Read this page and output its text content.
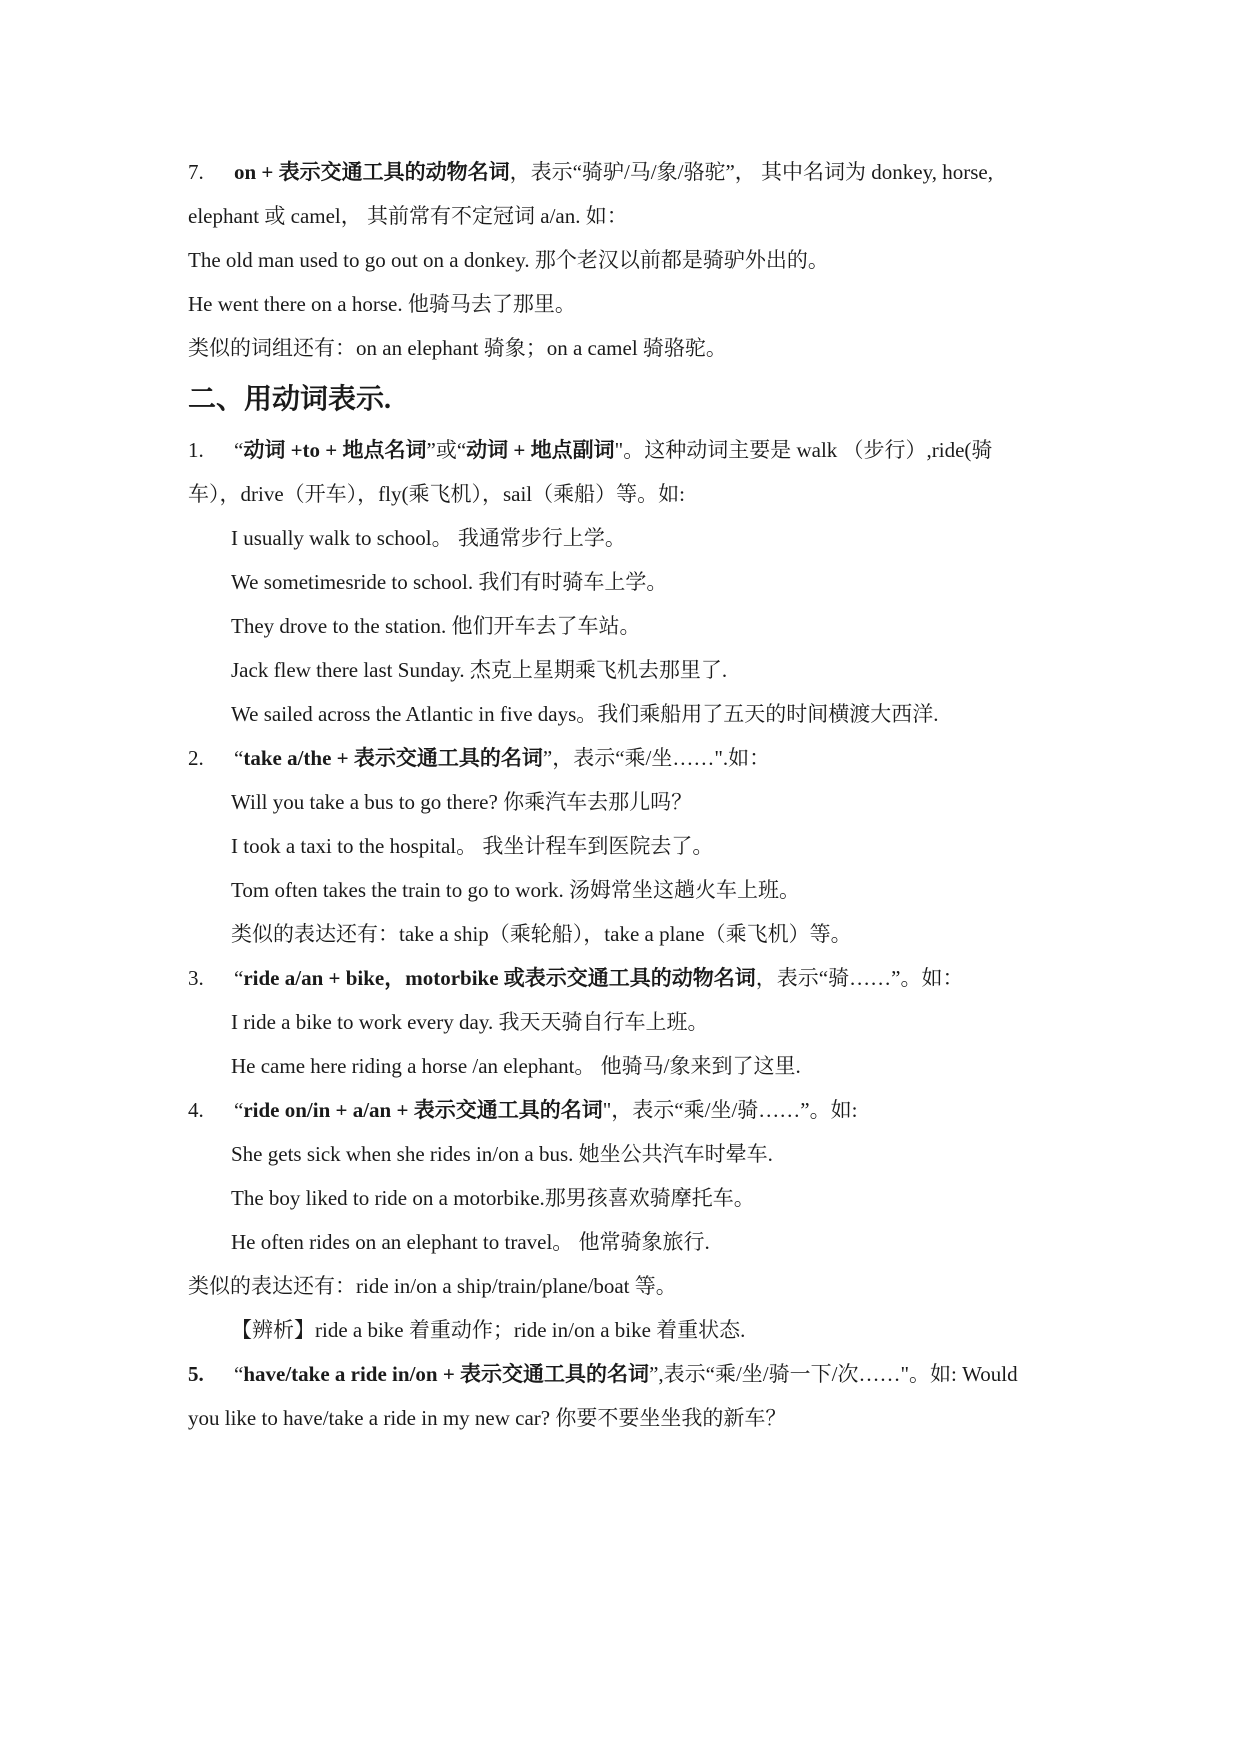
7. on + 表示交通工具的动物名词，表示“骑驴/马/象/骆驼”， 其中名词为 donkey, horse,
elephant 或 camel， 其前常有不定冠词 a/an. 如：
The old man used to go out on a donkey. 那个老汉以前都是骑驴外出的。
He went there on a horse. 他骑马去了那里。
类似的词组还有：on an elephant 骑象；on a camel 骑骆驼。
二、用动词表示.
1. “动词 +to + 地点名词”或“动词 + 地点副词"。这种动词主要是 walk （步行）,ride(骑
车），drive（开车），fly(乘飞机），sail（乘船）等。如:
I usually walk to school。 我通常步行上学。
We sometimesride to school. 我们有时骑车上学。
They drove to the station. 他们开车去了车站。
Jack flew there last Sunday. 杰克上星期乘飞机去那里了.
We sailed across the Atlantic in five days。我们乘船用了五天的时间横渡大西洋.
2. “take a/the + 表示交通工具的名词”，表示“乘/坐……".如：
Will you take a bus to go there? 你乘汽车去那儿吗？
I took a taxi to the hospital。 我坐计程车到医院去了。
Tom often takes the train to go to work. 汤姆常坐这趟火车上班。
类似的表达还有：take a ship（乘轮船），take a plane（乘飞机）等。
3. “ride a/an + bike，motorbike 或表示交通工具的动物名词，表示“骑……”。如：
I ride a bike to work every day. 我天天骑自行车上班。
He came here riding a horse /an elephant。 他骑马/象来到了这里.
4. “ride on/in + a/an + 表示交通工具的名词"，表示“乘/坐/骑……”。如:
She gets sick when she rides in/on a bus. 她坐公共汽车时晕车.
The boy liked to ride on a motorbike.那男孩喜欢骑摩托车。
He often rides on an elephant to travel。 他常骑象旅行.
类似的表达还有：ride in/on a ship/train/plane/boat 等。
【辨析】ride a bike 着重动作；ride in/on a bike 着重状态.
5. “have/take a ride in/on + 表示交通工具的名词”,表示“乘/坐/骑一下/次……"。如: Would
you like to have/take a ride in my new car? 你要不要坐坐我的新车？
